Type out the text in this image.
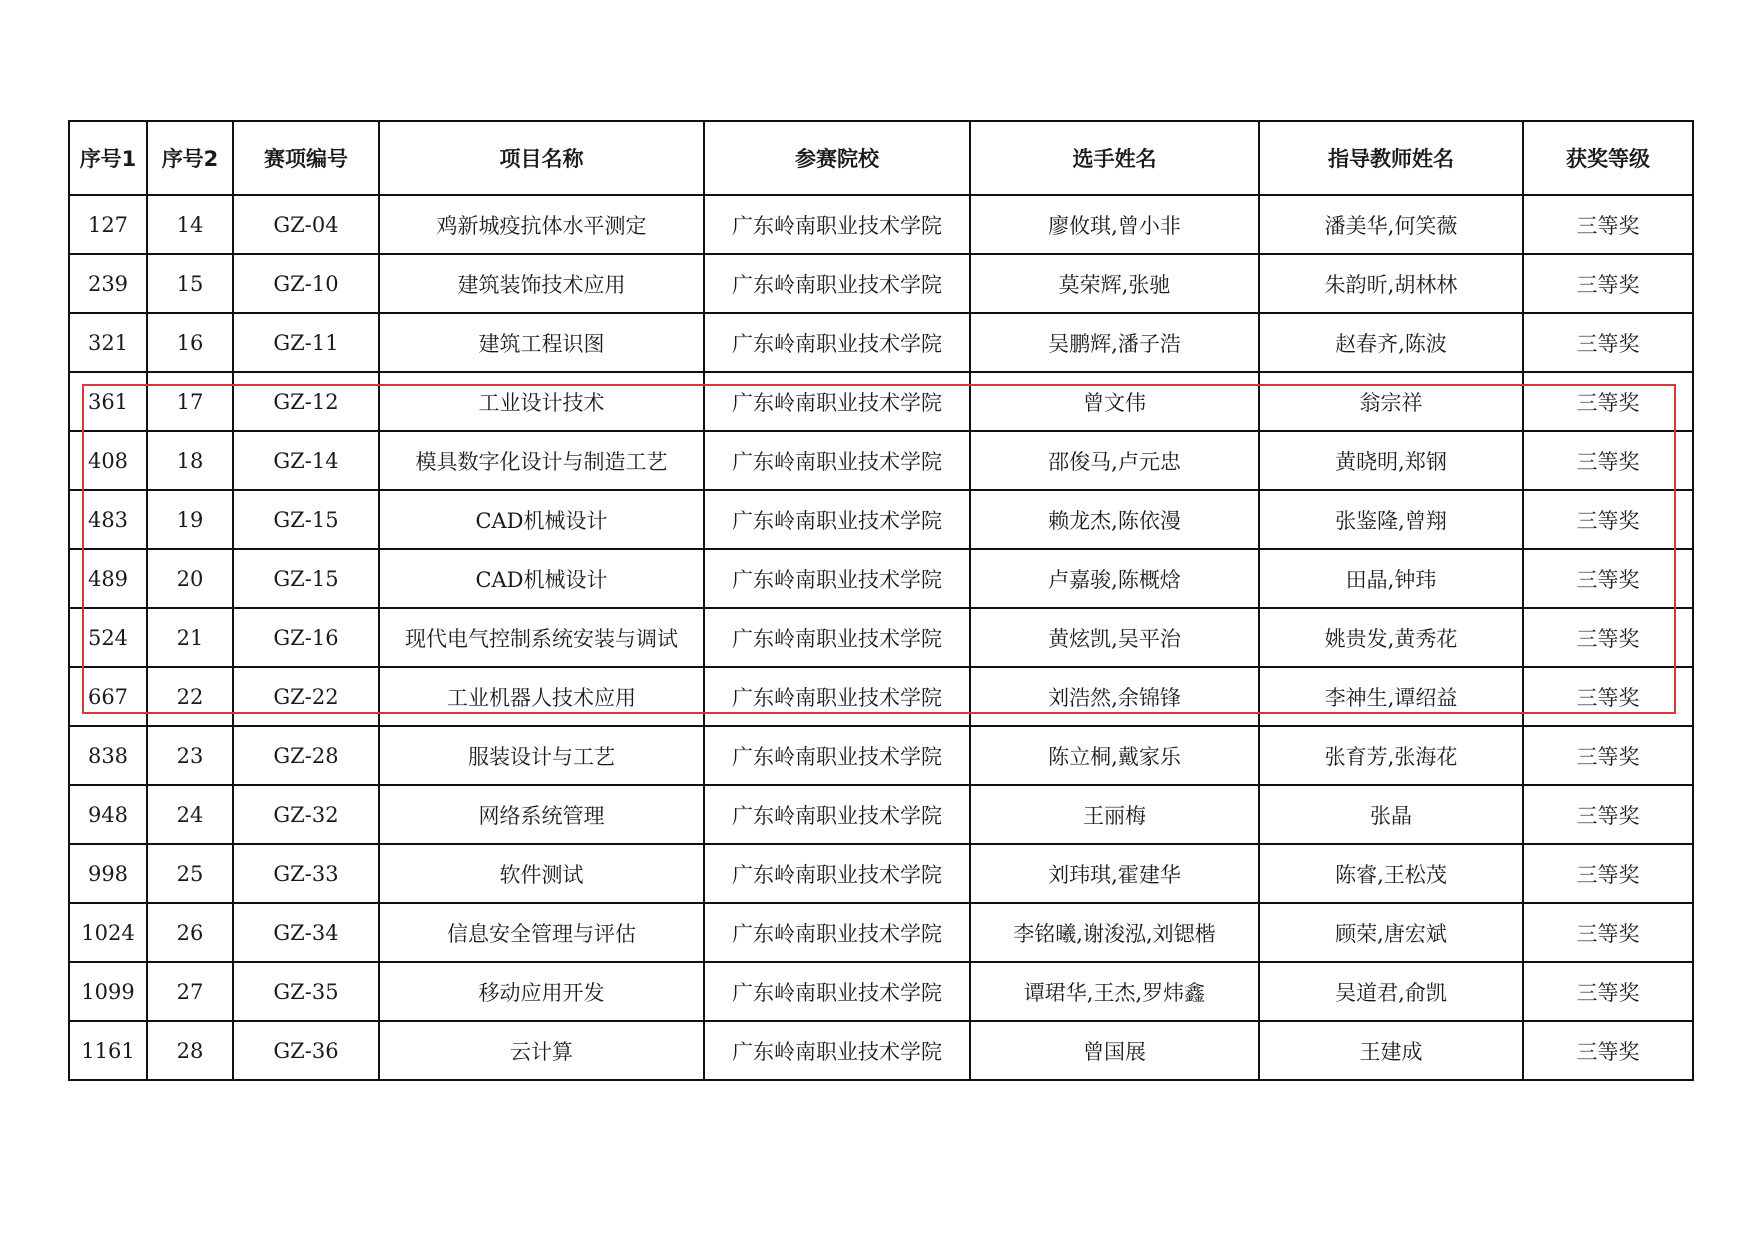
序号1	序号2	赛项编号	项目名称	参赛院校	选手姓名	指导教师姓名	获奖等级
127	14	GZ-04	鸡新城疫抗体水平测定	广东岭南职业技术学院	廖攸琪,曾小非	潘美华,何笑薇	三等奖
239	15	GZ-10	建筑装饰技术应用	广东岭南职业技术学院	莫荣辉,张驰	朱韵昕,胡林林	三等奖
321	16	GZ-11	建筑工程识图	广东岭南职业技术学院	吴鹏辉,潘子浩	赵春齐,陈波	三等奖
361	17	GZ-12	工业设计技术	广东岭南职业技术学院	曾文伟	翁宗祥	三等奖
408	18	GZ-14	模具数字化设计与制造工艺	广东岭南职业技术学院	邵俊马,卢元忠	黄晓明,郑钢	三等奖
483	19	GZ-15	CAD机械设计	广东岭南职业技术学院	赖龙杰,陈依漫	张鉴隆,曾翔	三等奖
489	20	GZ-15	CAD机械设计	广东岭南职业技术学院	卢嘉骏,陈概焓	田晶,钟玮	三等奖
524	21	GZ-16	现代电气控制系统安装与调试	广东岭南职业技术学院	黄炫凯,吴平治	姚贵发,黄秀花	三等奖
667	22	GZ-22	工业机器人技术应用	广东岭南职业技术学院	刘浩然,余锦锋	李神生,谭绍益	三等奖
838	23	GZ-28	服装设计与工艺	广东岭南职业技术学院	陈立桐,戴家乐	张育芳,张海花	三等奖
948	24	GZ-32	网络系统管理	广东岭南职业技术学院	王丽梅	张晶	三等奖
998	25	GZ-33	软件测试	广东岭南职业技术学院	刘玮琪,霍建华	陈睿,王松茂	三等奖
1024	26	GZ-34	信息安全管理与评估	广东岭南职业技术学院	李铭曦,谢浚泓,刘锶楷	顾荣,唐宏斌	三等奖
1099	27	GZ-35	移动应用开发	广东岭南职业技术学院	谭珺华,王杰,罗炜鑫	吴道君,俞凯	三等奖
1161	28	GZ-36	云计算	广东岭南职业技术学院	曾国展	王建成	三等奖
